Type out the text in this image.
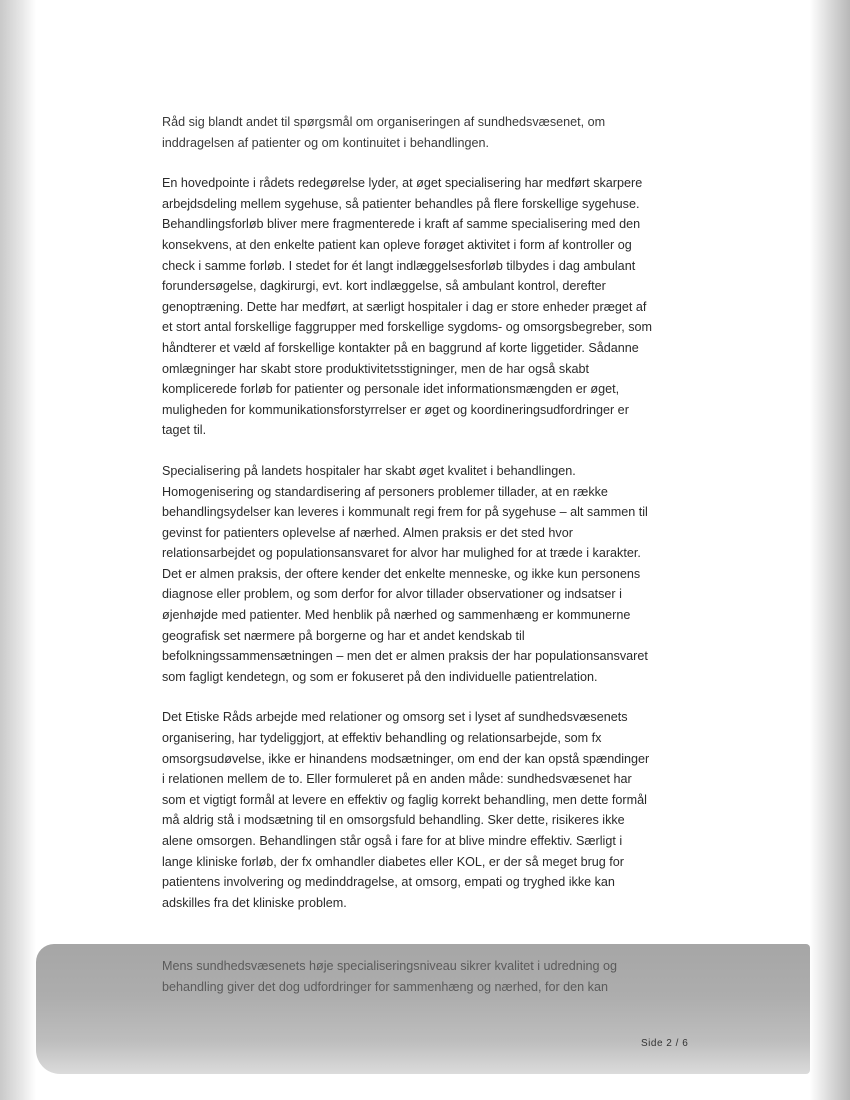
Råd sig blandt andet til spørgsmål om organiseringen af sundhedsvæsenet, om inddragelsen af patienter og om kontinuitet i behandlingen.

En hovedpointe i rådets redegørelse lyder, at øget specialisering har medført skarpere arbejdsdeling mellem sygehuse, så patienter behandles på flere forskellige sygehuse. Behandlingsforløb bliver mere fragmenterede i kraft af samme specialisering med den konsekvens, at den enkelte patient kan opleve forøget aktivitet i form af kontroller og check i samme forløb. I stedet for ét langt indlæggelsesforløb tilbydes i dag ambulant forundersøgelse, dagkirurgi, evt. kort indlæggelse, så ambulant kontrol, derefter genoptræning. Dette har medført, at særligt hospitaler i dag er store enheder præget af et stort antal forskellige faggrupper med forskellige sygdoms- og omsorgsbegreber, som håndterer et væld af forskellige kontakter på en baggrund af korte liggetider. Sådanne omlægninger har skabt store produktivitetsstigninger, men de har også skabt komplicerede forløb for patienter og personale idet informationsmængden er øget, muligheden for kommunikationsforstyrrelser er øget og koordineringsudfordringer er taget til.

Specialisering på landets hospitaler har skabt øget kvalitet i behandlingen. Homogenisering og standardisering af personers problemer tillader, at en række behandlingsydelser kan leveres i kommunalt regi frem for på sygehuse – alt sammen til gevinst for patienters oplevelse af nærhed. Almen praksis er det sted hvor relationsarbejdet og populationsansvaret for alvor har mulighed for at træde i karakter. Det er almen praksis, der oftere kender det enkelte menneske, og ikke kun personens diagnose eller problem, og som derfor for alvor tillader observationer og indsatser i øjenhøjde med patienter. Med henblik på nærhed og sammenhæng er kommunerne geografisk set nærmere på borgerne og har et andet kendskab til befolkningssammensætningen – men det er almen praksis der har populationsansvaret som fagligt kendetegn, og som er fokuseret på den individuelle patientrelation.

Det Etiske Råds arbejde med relationer og omsorg set i lyset af sundhedsvæsenets organisering, har tydeliggjort, at effektiv behandling og relationsarbejde, som fx omsorgsudøvelse, ikke er hinandens modsætninger, om end der kan opstå spændinger i relationen mellem de to. Eller formuleret på en anden måde: sundhedsvæsenet har som et vigtigt formål at levere en effektiv og faglig korrekt behandling, men dette formål må aldrig stå i modsætning til en omsorgsfuld behandling. Sker dette, risikeres ikke alene omsorgen. Behandlingen står også i fare for at blive mindre effektiv. Særligt i lange kliniske forløb, der fx omhandler diabetes eller KOL, er der så meget brug for patientens involvering og medinddragelse, at omsorg, empati og tryghed ikke kan adskilles fra det kliniske problem.

Mens sundhedsvæsenets høje specialiseringsniveau sikrer kvalitet i udredning og behandling giver det dog udfordringer for sammenhæng og nærhed, for den kan
Side 2 / 6
